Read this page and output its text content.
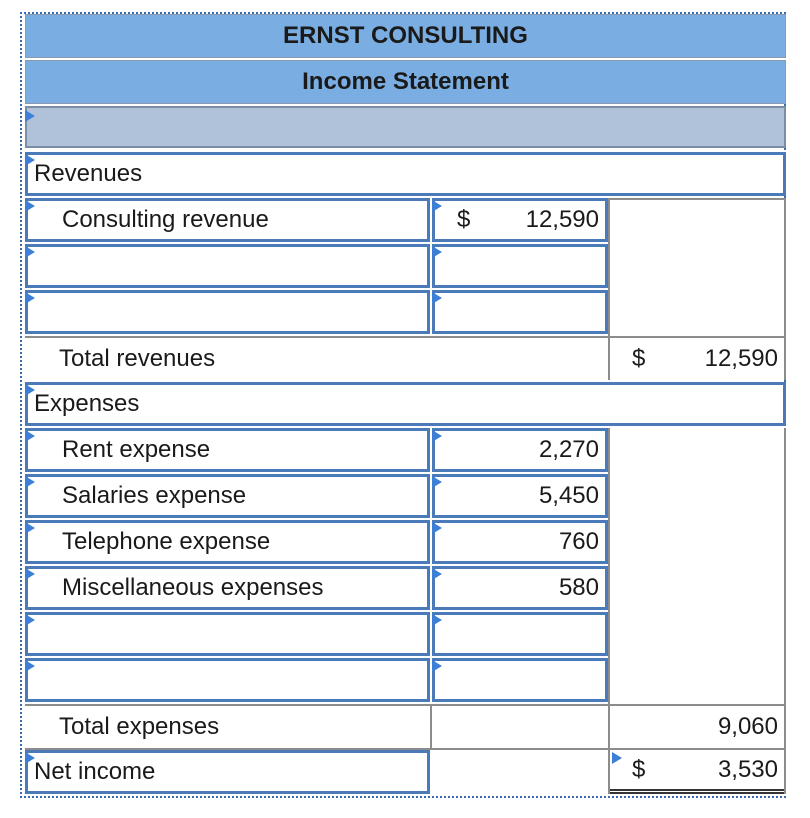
ERNST CONSULTING
Income Statement
Revenues
Consulting revenue	$ 12,590
Total revenues	$ 12,590
Expenses
Rent expense	2,270
Salaries expense	5,450
Telephone expense	760
Miscellaneous expenses	580
Total expenses	9,060
Net income	$	3,530
